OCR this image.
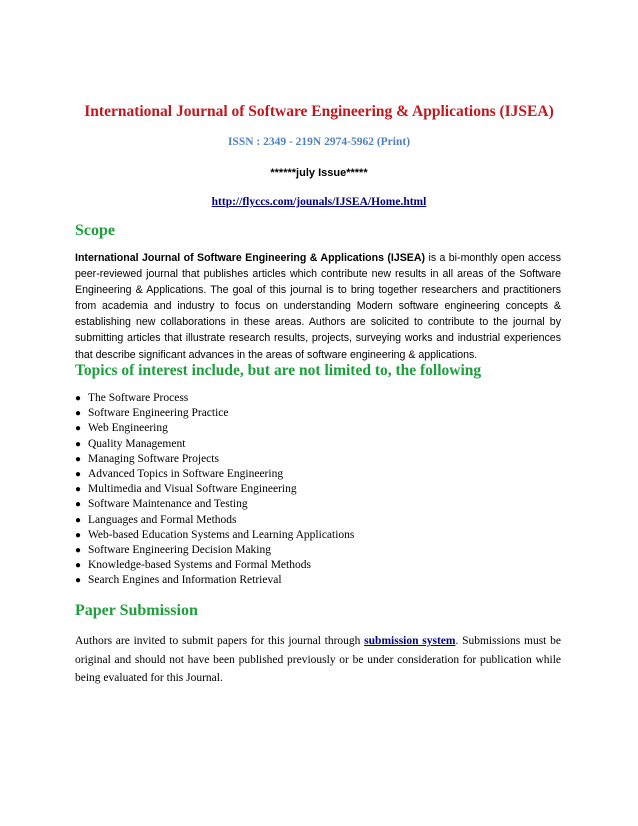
International Journal of Software Engineering & Applications (IJSEA)
ISSN : 2349 - 219N 2974-5962 (Print)
******july Issue*****
http://flyccs.com/jounals/IJSEA/Home.html
Scope
International Journal of Software Engineering & Applications (IJSEA) is a bi-monthly open access peer-reviewed journal that publishes articles which contribute new results in all areas of the Software Engineering & Applications. The goal of this journal is to bring together researchers and practitioners from academia and industry to focus on understanding Modern software engineering concepts & establishing new collaborations in these areas. Authors are solicited to contribute to the journal by submitting articles that illustrate research results, projects, surveying works and industrial experiences that describe significant advances in the areas of software engineering & applications.
Topics of interest include, but are not limited to, the following
● The Software Process
● Software Engineering Practice
● Web Engineering
● Quality Management
● Managing Software Projects
● Advanced Topics in Software Engineering
● Multimedia and Visual Software Engineering
● Software Maintenance and Testing
● Languages and Formal Methods
● Web-based Education Systems and Learning Applications
● Software Engineering Decision Making
● Knowledge-based Systems and Formal Methods
● Search Engines and Information Retrieval
Paper Submission
Authors are invited to submit papers for this journal through submission system. Submissions must be original and should not have been published previously or be under consideration for publication while being evaluated for this Journal.
